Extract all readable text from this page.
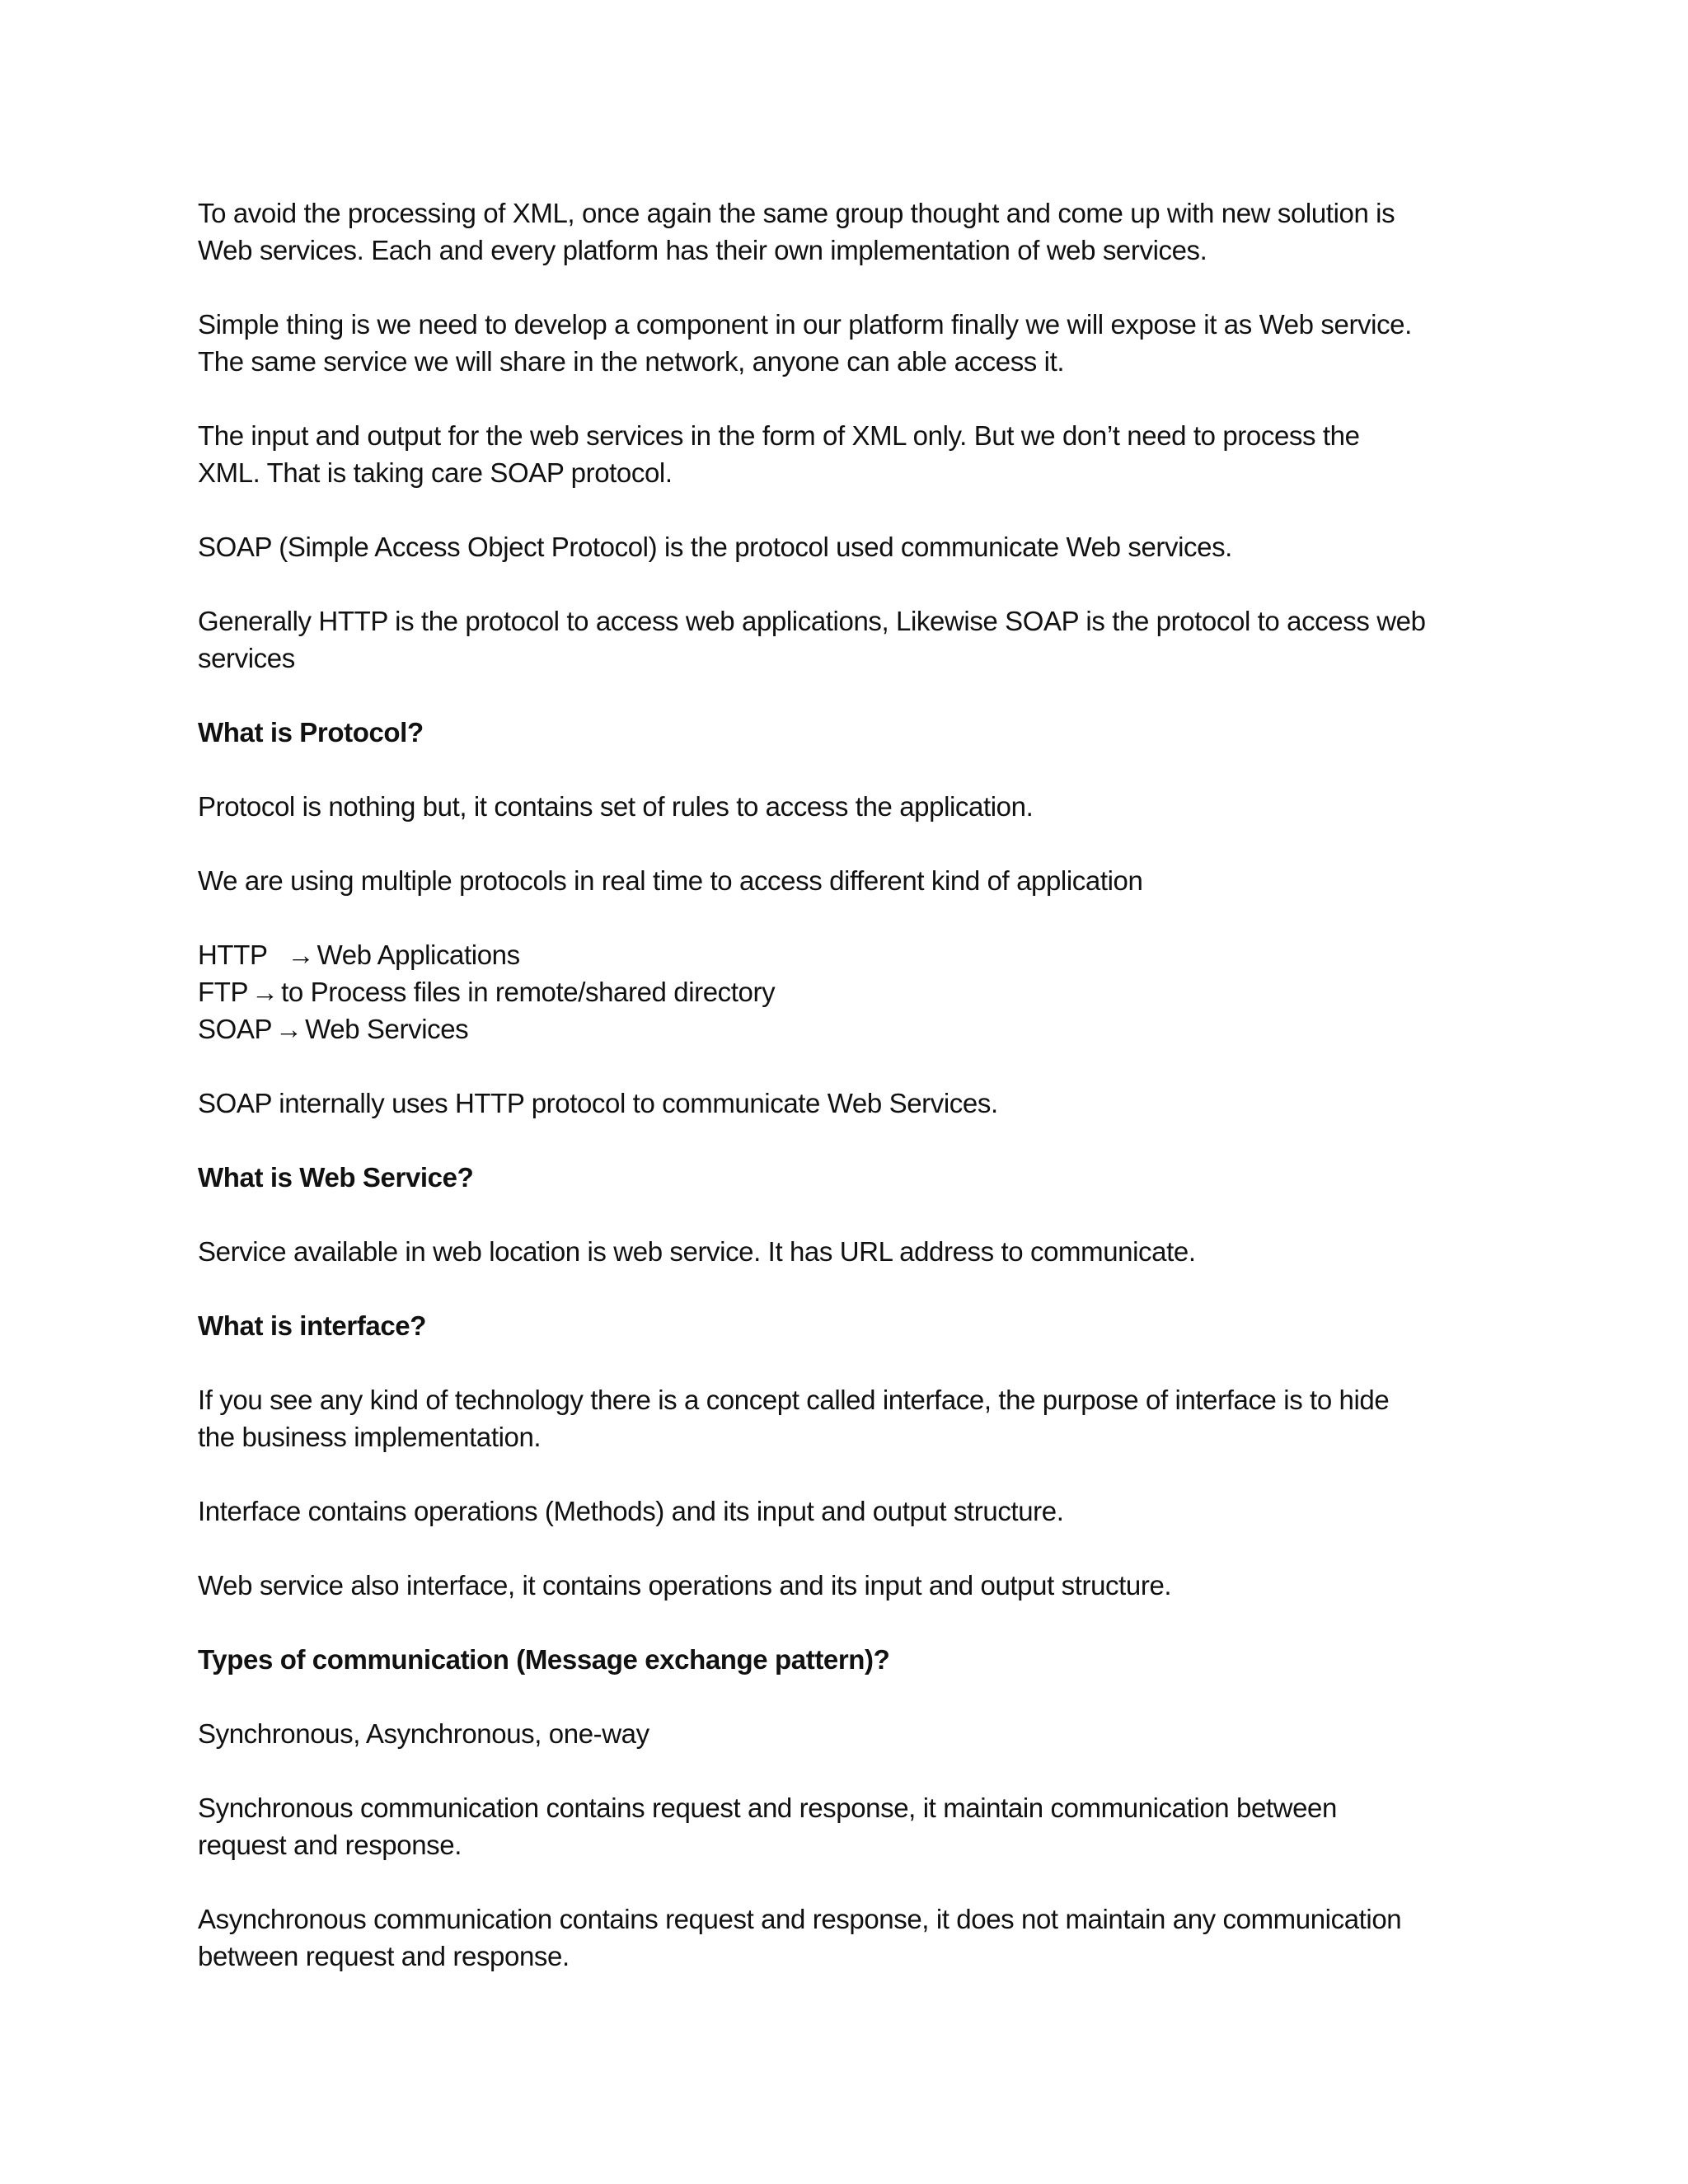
To avoid the processing of XML, once again the same group thought and come up with new solution is
Web services. Each and every platform has their own implementation of web services.

Simple thing is we need to develop a component in our platform finally we will expose it as Web service.
The same service we will share in the network, anyone can able access it.

The input and output for the web services in the form of XML only. But we don’t need to process the
XML. That is taking care SOAP protocol.

SOAP (Simple Access Object Protocol) is the protocol used communicate Web services.

Generally HTTP is the protocol to access web applications, Likewise SOAP is the protocol to access web
services

What is Protocol?

Protocol is nothing but, it contains set of rules to access the application.

We are using multiple protocols in real time to access different kind of application

HTTP → Web Applications
FTP → to Process files in remote/shared directory
SOAP → Web Services

SOAP internally uses HTTP protocol to communicate Web Services.

What is Web Service?

Service available in web location is web service. It has URL address to communicate.

What is interface?

If you see any kind of technology there is a concept called interface, the purpose of interface is to hide
the business implementation.

Interface contains operations (Methods) and its input and output structure.

Web service also interface, it contains operations and its input and output structure.

Types of communication (Message exchange pattern)?

Synchronous, Asynchronous, one-way

Synchronous communication contains request and response, it maintain communication between
request and response.

Asynchronous communication contains request and response, it does not maintain any communication
between request and response.
